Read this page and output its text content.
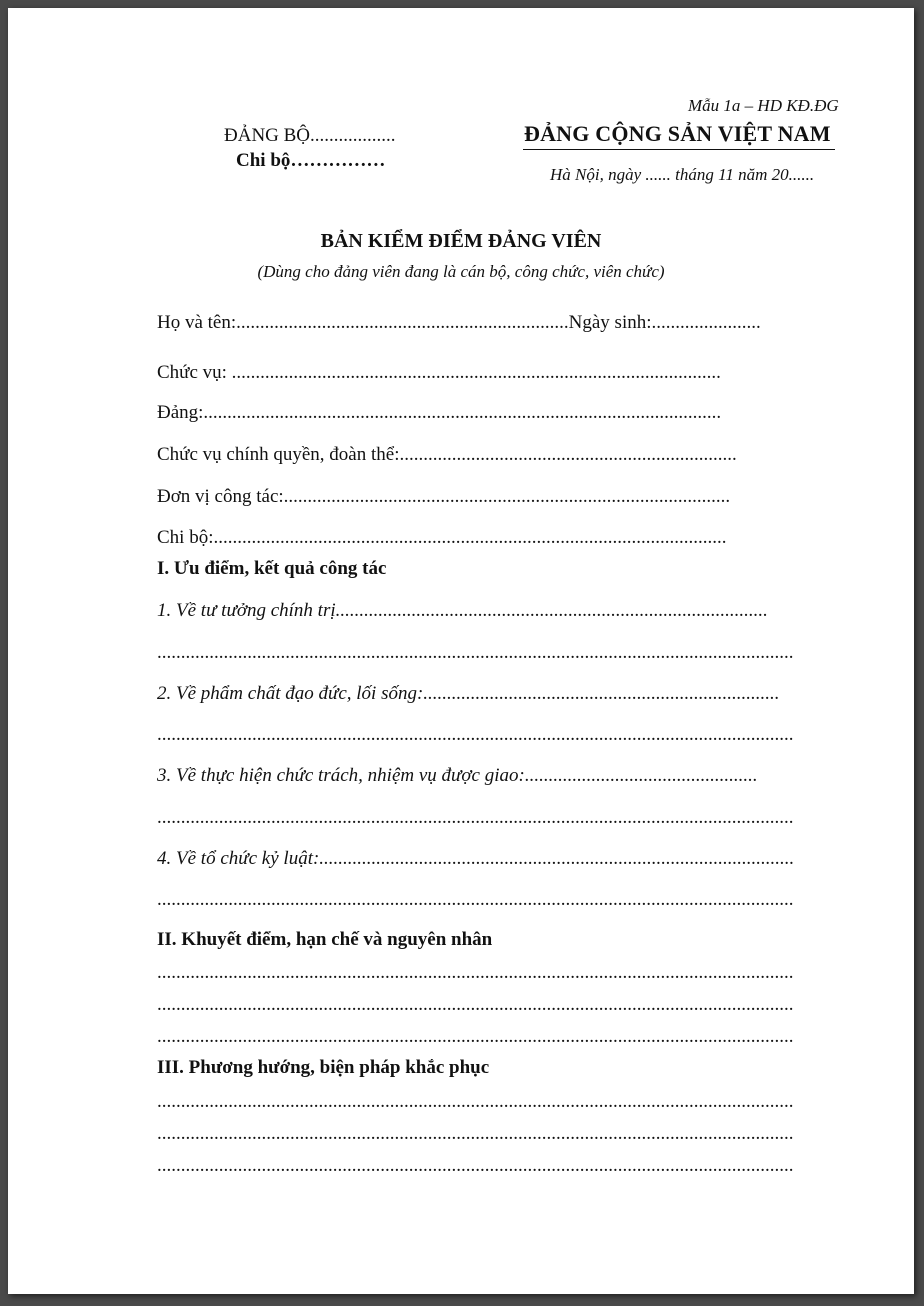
Mẫu 1a – HD KĐ.ĐG
ĐẢNG BỘ..................
Chi bộ……………
ĐẢNG CỘNG SẢN VIỆT NAM
Hà Nội, ngày ...... tháng 11 năm 20......
BẢN KIỂM ĐIỂM ĐẢNG VIÊN
(Dùng cho đảng viên đang là cán bộ, công chức, viên chức)
Họ và tên:......................................................................Ngày sinh:.......................
Chức vụ: .......................................................................................................
Đảng:.............................................................................................................
Chức vụ chính quyền, đoàn thể:.......................................................................
Đơn vị công tác:..............................................................................................
Chi bộ:............................................................................................................
I. Ưu điểm, kết quả công tác
1. Về tư tưởng chính trị...........................................................................................
......................................................................................................................................
2. Về phẩm chất đạo đức, lối sống:...........................................................................
......................................................................................................................................
3. Về thực hiện chức trách, nhiệm vụ được giao:.................................................
......................................................................................................................................
4. Về tổ chức kỷ luật:....................................................................................................
......................................................................................................................................
II. Khuyết điểm, hạn chế và nguyên nhân
......................................................................................................................................
......................................................................................................................................
......................................................................................................................................
III. Phương hướng, biện pháp khắc phục
......................................................................................................................................
......................................................................................................................................
......................................................................................................................................
